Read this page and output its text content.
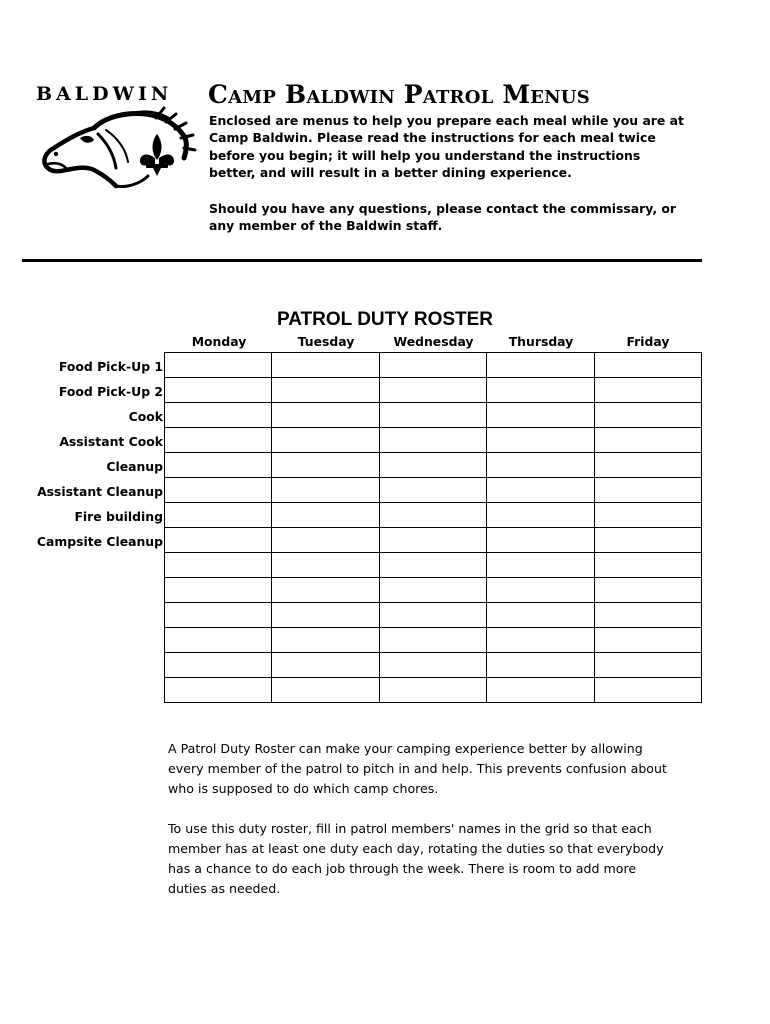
BALDWIN Camp Baldwin Patrol Menus

Enclosed are menus to help you prepare each meal while you are at Camp Baldwin. Please read the instructions for each meal twice before you begin; it will help you understand the instructions better, and will result in a better dining experience.

Should you have any questions, please contact the commissary, or any member of the Baldwin staff.

PATROL DUTY ROSTER
Monday	Tuesday	Wednesday	Thursday	Friday
Food Pick-Up 1
Food Pick-Up 2
Cook
Assistant Cook
Cleanup
Assistant Cleanup
Fire building
Campsite Cleanup

A Patrol Duty Roster can make your camping experience better by allowing every member of the patrol to pitch in and help. This prevents confusion about who is supposed to do which camp chores.

To use this duty roster, fill in patrol members' names in the grid so that each member has at least one duty each day, rotating the duties so that everybody has a chance to do each job through the week. There is room to add more duties as needed.
